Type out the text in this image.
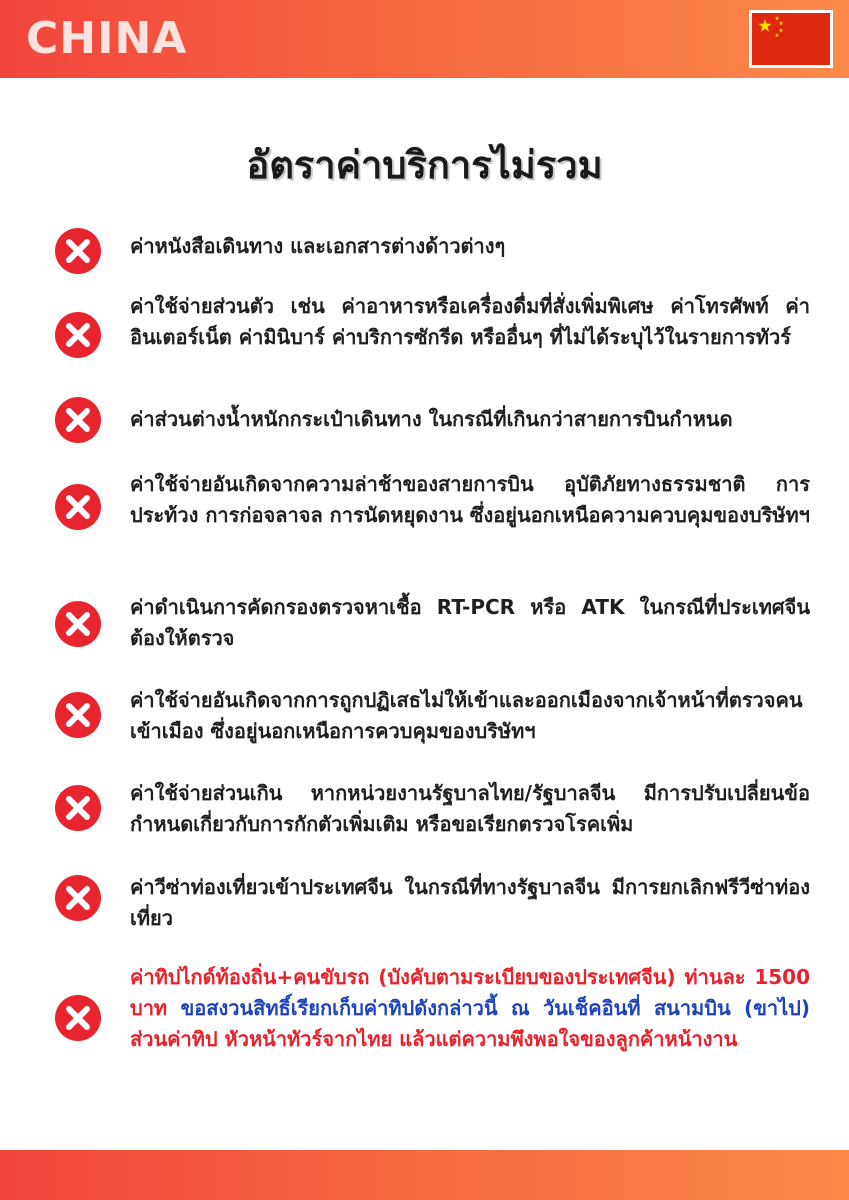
CHINA
อัตราค่าบริการไม่รวม
ค่าหนังสือเดินทาง และเอกสารต่างด้าวต่างๆ
ค่าใช้จ่ายส่วนตัว เช่น ค่าอาหารหรือเครื่องดื่มที่สั่งเพิ่มพิเศษ ค่าโทรศัพท์ ค่าอินเตอร์เน็ต ค่ามินิบาร์ ค่าบริการซักรีด หรืออื่นๆ ที่ไม่ได้ระบุไว้ในรายการทัวร์
ค่าส่วนต่างน้ำหนักกระเป๋าเดินทาง ในกรณีที่เกินกว่าสายการบินกำหนด
ค่าใช้จ่ายอันเกิดจากความล่าช้าของสายการบิน อุบัติภัยทางธรรมชาติ การประท้วง การก่อจลาจล การนัดหยุดงาน ซึ่งอยู่นอกเหนือความควบคุมของบริษัทฯ
ค่าดำเนินการคัดกรองตรวจหาเชื้อ RT-PCR หรือ ATK ในกรณีที่ประเทศจีนต้องให้ตรวจ
ค่าใช้จ่ายอันเกิดจากการถูกปฏิเสธไม่ให้เข้าและออกเมืองจากเจ้าหน้าที่ตรวจคนเข้าเมือง ซึ่งอยู่นอกเหนือการควบคุมของบริษัทฯ
ค่าใช้จ่ายส่วนเกิน หากหน่วยงานรัฐบาลไทย/รัฐบาลจีน มีการปรับเปลี่ยนข้อกำหนดเกี่ยวกับการกักตัวเพิ่มเติม หรือขอเรียกตรวจโรคเพิ่ม
ค่าวีซ่าท่องเที่ยวเข้าประเทศจีน ในกรณีที่ทางรัฐบาลจีน มีการยกเลิกฟรีวีซ่าท่องเที่ยว
ค่าทิปไกด์ท้องถิ่น+คนขับรถ (บังคับตามระเบียบของประเทศจีน) ท่านละ 1500 บาท ขอสงวนสิทธิ์เรียกเก็บค่าทิปดังกล่าวนี้ ณ วันเช็คอินที่ สนามบิน (ขาไป) ส่วนค่าทิป หัวหน้าทัวร์จากไทย แล้วแต่ความพึงพอใจของลูกค้าหน้างาน
